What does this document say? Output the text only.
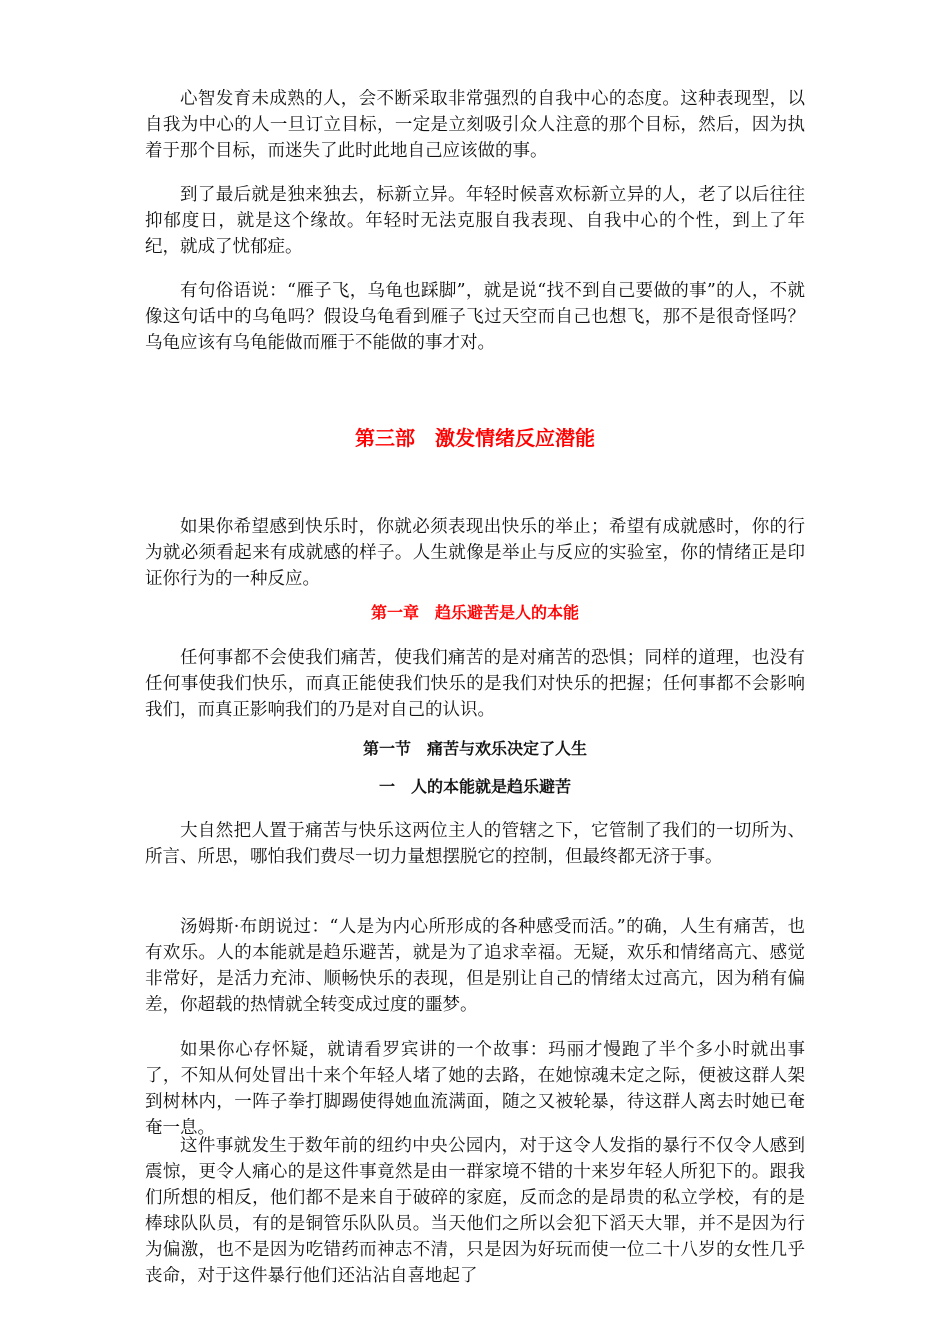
心智发育未成熟的人，会不断采取非常强烈的自我中心的态度。这种表现型，以自我为中心的人一旦订立目标，一定是立刻吸引众人注意的那个目标，然后，因为执着于那个目标，而迷失了此时此地自己应该做的事。

到了最后就是独来独去，标新立异。年轻时候喜欢标新立异的人，老了以后往往抑郁度日，就是这个缘故。年轻时无法克服自我表现、自我中心的个性，到上了年纪，就成了忧郁症。

有句俗语说：“雁子飞，乌龟也踩脚”，就是说“找不到自己要做的事”的人，不就像这句话中的乌龟吗？假设乌龟看到雁子飞过天空而自己也想飞，那不是很奇怪吗？乌龟应该有乌龟能做而雁于不能做的事才对。

第三部　激发情绪反应潜能

如果你希望感到快乐时，你就必须表现出快乐的举止；希望有成就感时，你的行为就必须看起来有成就感的样子。人生就像是举止与反应的实验室，你的情绪正是印证你行为的一种反应。

第一章　趋乐避苦是人的本能

任何事都不会使我们痛苦，使我们痛苦的是对痛苦的恐惧；同样的道理，也没有任何事使我们快乐，而真正能使我们快乐的是我们对快乐的把握；任何事都不会影响我们，而真正影响我们的乃是对自己的认识。

第一节　痛苦与欢乐决定了人生
一　人的本能就是趋乐避苦

大自然把人置于痛苦与快乐这两位主人的管辖之下，它管制了我们的一切所为、所言、所思，哪怕我们费尽一切力量想摆脱它的控制，但最终都无济于事。

汤姆斯·布朗说过：“人是为内心所形成的各种感受而活。”的确，人生有痛苦，也有欢乐。人的本能就是趋乐避苦，就是为了追求幸福。无疑，欢乐和情绪高亢、感觉非常好，是活力充沛、顺畅快乐的表现，但是别让自己的情绪太过高亢，因为稍有偏差，你超载的热情就全转变成过度的噩梦。

如果你心存怀疑，就请看罗宾讲的一个故事：玛丽才慢跑了半个多小时就出事了，不知从何处冒出十来个年轻人堵了她的去路，在她惊魂未定之际，便被这群人架到树林内，一阵子拳打脚踢使得她血流满面，随之又被轮暴，待这群人离去时她已奄奄一息。

这件事就发生于数年前的纽约中央公园内，对于这令人发指的暴行不仅令人感到震惊，更令人痛心的是这件事竟然是由一群家境不错的十来岁年轻人所犯下的。跟我们所想的相反，他们都不是来自于破碎的家庭，反而念的是昂贵的私立学校，有的是棒球队队员，有的是铜管乐队队员。当天他们之所以会犯下滔天大罪，并不是因为行为偏激，也不是因为吃错药而神志不清，只是因为好玩而使一位二十八岁的女性几乎丧命，对于这件暴行他们还沾沾自喜地起了
